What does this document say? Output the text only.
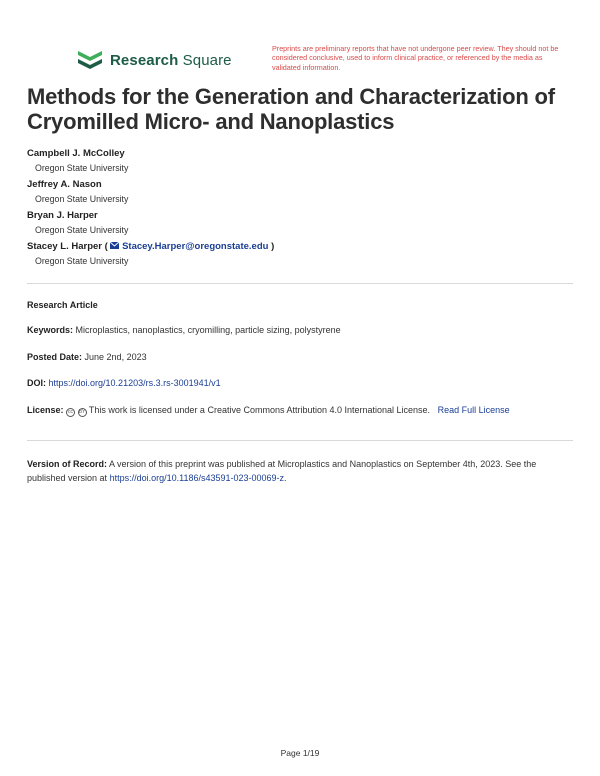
Research Square
Preprints are preliminary reports that have not undergone peer review. They should not be considered conclusive, used to inform clinical practice, or referenced by the media as validated information.
Methods for the Generation and Characterization of Cryomilled Micro- and Nanoplastics
Campbell J. McColley
Oregon State University
Jeffrey A. Nason
Oregon State University
Bryan J. Harper
Oregon State University
Stacey L. Harper (  Stacey.Harper@oregonstate.edu )
Oregon State University
Research Article
Keywords: Microplastics, nanoplastics, cryomilling, particle sizing, polystyrene
Posted Date: June 2nd, 2023
DOI: https://doi.org/10.21203/rs.3.rs-3001941/v1
License: cc BY This work is licensed under a Creative Commons Attribution 4.0 International License. Read Full License
Version of Record: A version of this preprint was published at Microplastics and Nanoplastics on September 4th, 2023. See the published version at https://doi.org/10.1186/s43591-023-00069-z.
Page 1/19
